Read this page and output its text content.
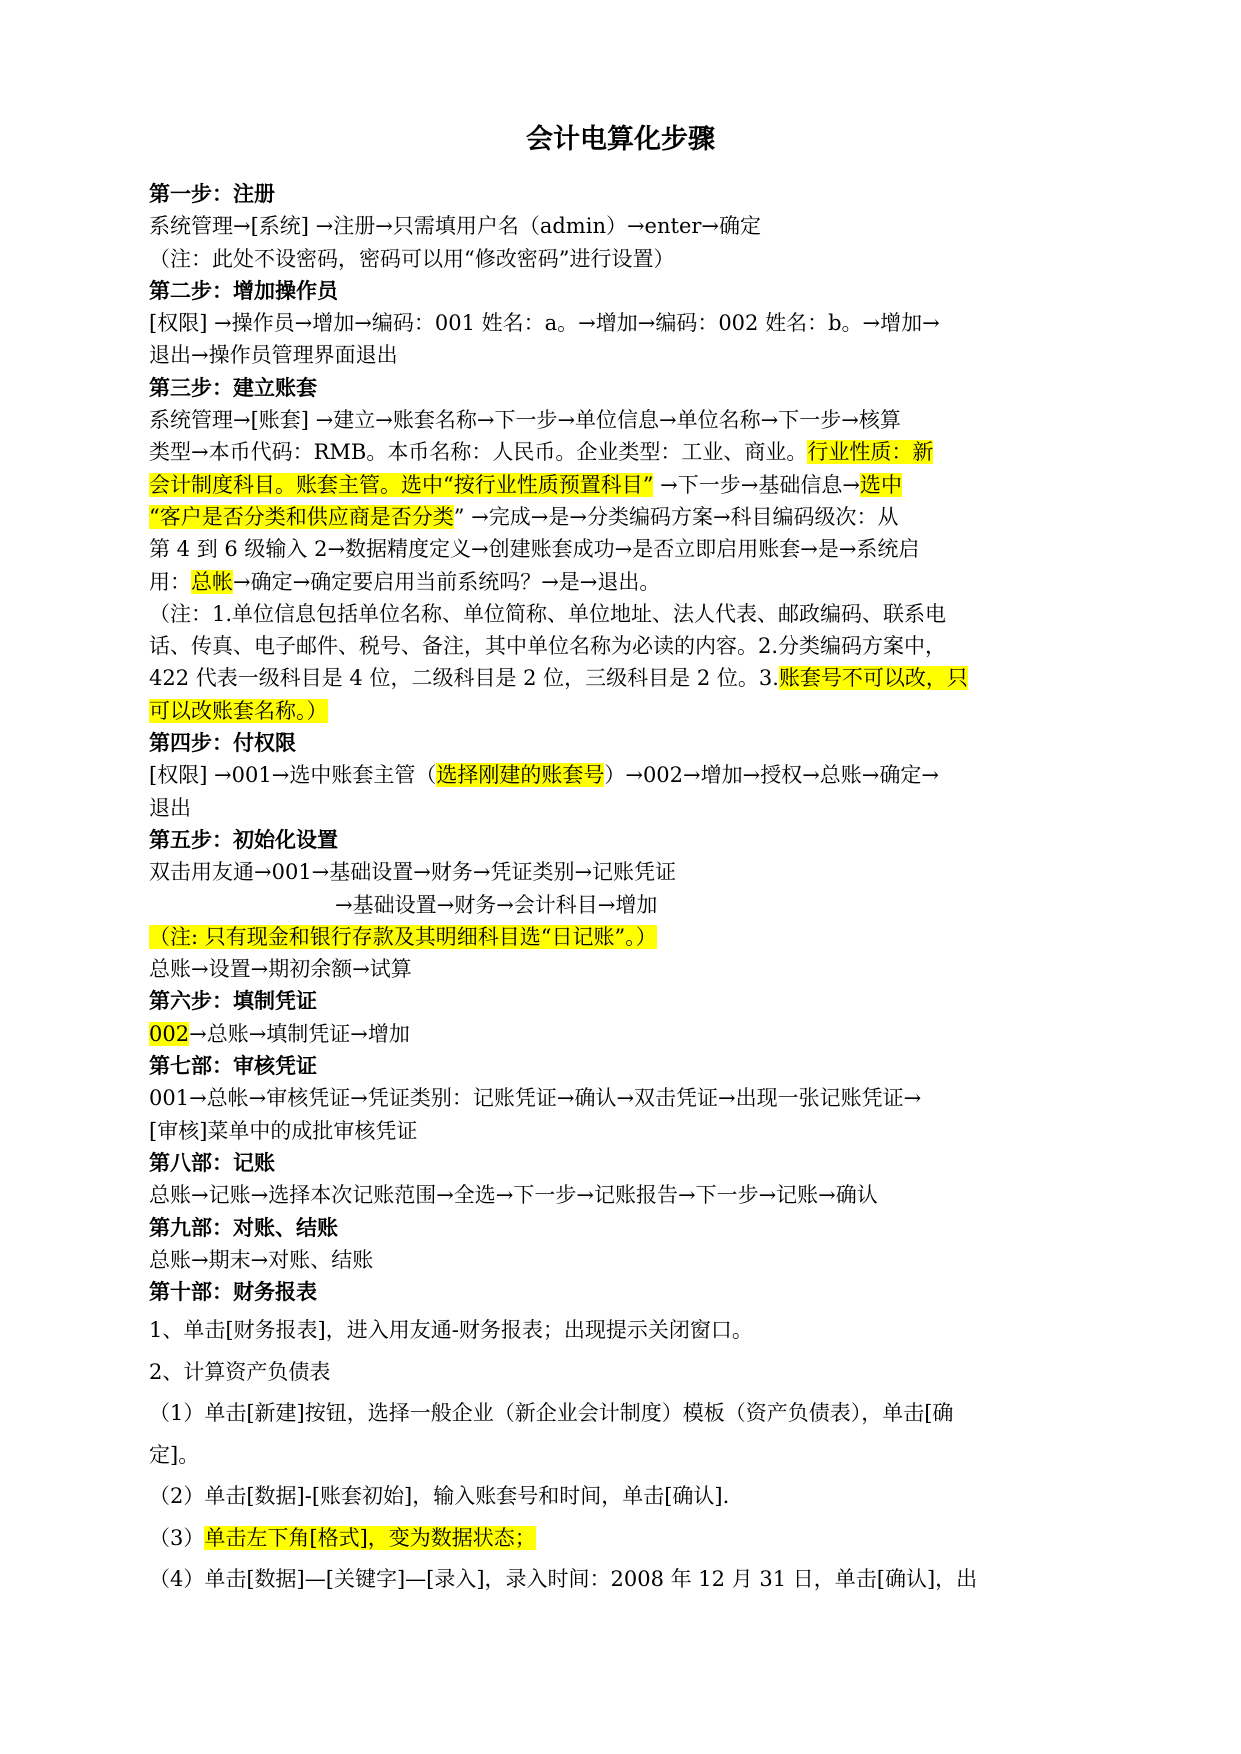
会计电算化步骤
第一步：注册
系统管理→[系统] →注册→只需填用户名（admin）→enter→确定
（注：此处不设密码，密码可以用“修改密码”进行设置）
第二步：增加操作员
[权限] →操作员→增加→编码：001 姓名：a。→增加→编码：002 姓名：b。→增加→
退出→操作员管理界面退出
第三步：建立账套
系统管理→[账套] →建立→账套名称→下一步→单位信息→单位名称→下一步→核算
类型→本币代码：RMB。本币名称：人民币。企业类型：工业、商业。行业性质：新
会计制度科目。账套主管。选中“按行业性质预置科目” →下一步→基础信息→选中
“客户是否分类和供应商是否分类” →完成→是→分类编码方案→科目编码级次：从
第 4 到 6 级输入 2→数据精度定义→创建账套成功→是否立即启用账套→是→系统启
用：总帐→确定→确定要启用当前系统吗？→是→退出。
（注：1.单位信息包括单位名称、单位简称、单位地址、法人代表、邮政编码、联系电
话、传真、电子邮件、税号、备注，其中单位名称为必读的内容。2.分类编码方案中，
422 代表一级科目是 4 位，二级科目是 2 位，三级科目是 2 位。3.账套号不可以改，只
可以改账套名称。）
第四步：付权限
[权限] →001→选中账套主管（选择刚建的账套号）→002→增加→授权→总账→确定→
退出
第五步：初始化设置
双击用友通→001→基础设置→财务→凭证类别→记账凭证
→基础设置→财务→会计科目→增加
（注: 只有现金和银行存款及其明细科目选“日记账”。）
总账→设置→期初余额→试算
第六步：填制凭证
002→总账→填制凭证→增加
第七部：审核凭证
001→总帐→审核凭证→凭证类别：记账凭证→确认→双击凭证→出现一张记账凭证→
[审核]菜单中的成批审核凭证
第八部：记账
总账→记账→选择本次记账范围→全选→下一步→记账报告→下一步→记账→确认
第九部：对账、结账
总账→期末→对账、结账
第十部：财务报表
1、单击[财务报表]，进入用友通-财务报表；出现提示关闭窗口。
2、计算资产负债表
（1）单击[新建]按钮，选择一般企业（新企业会计制度）模板（资产负债表），单击[确
定]。
（2）单击[数据]-[账套初始]，输入账套号和时间，单击[确认].
（3）单击左下角[格式]，变为数据状态；
（4）单击[数据]—[关键字]—[录入]，录入时间：2008 年 12 月 31 日，单击[确认]，出
